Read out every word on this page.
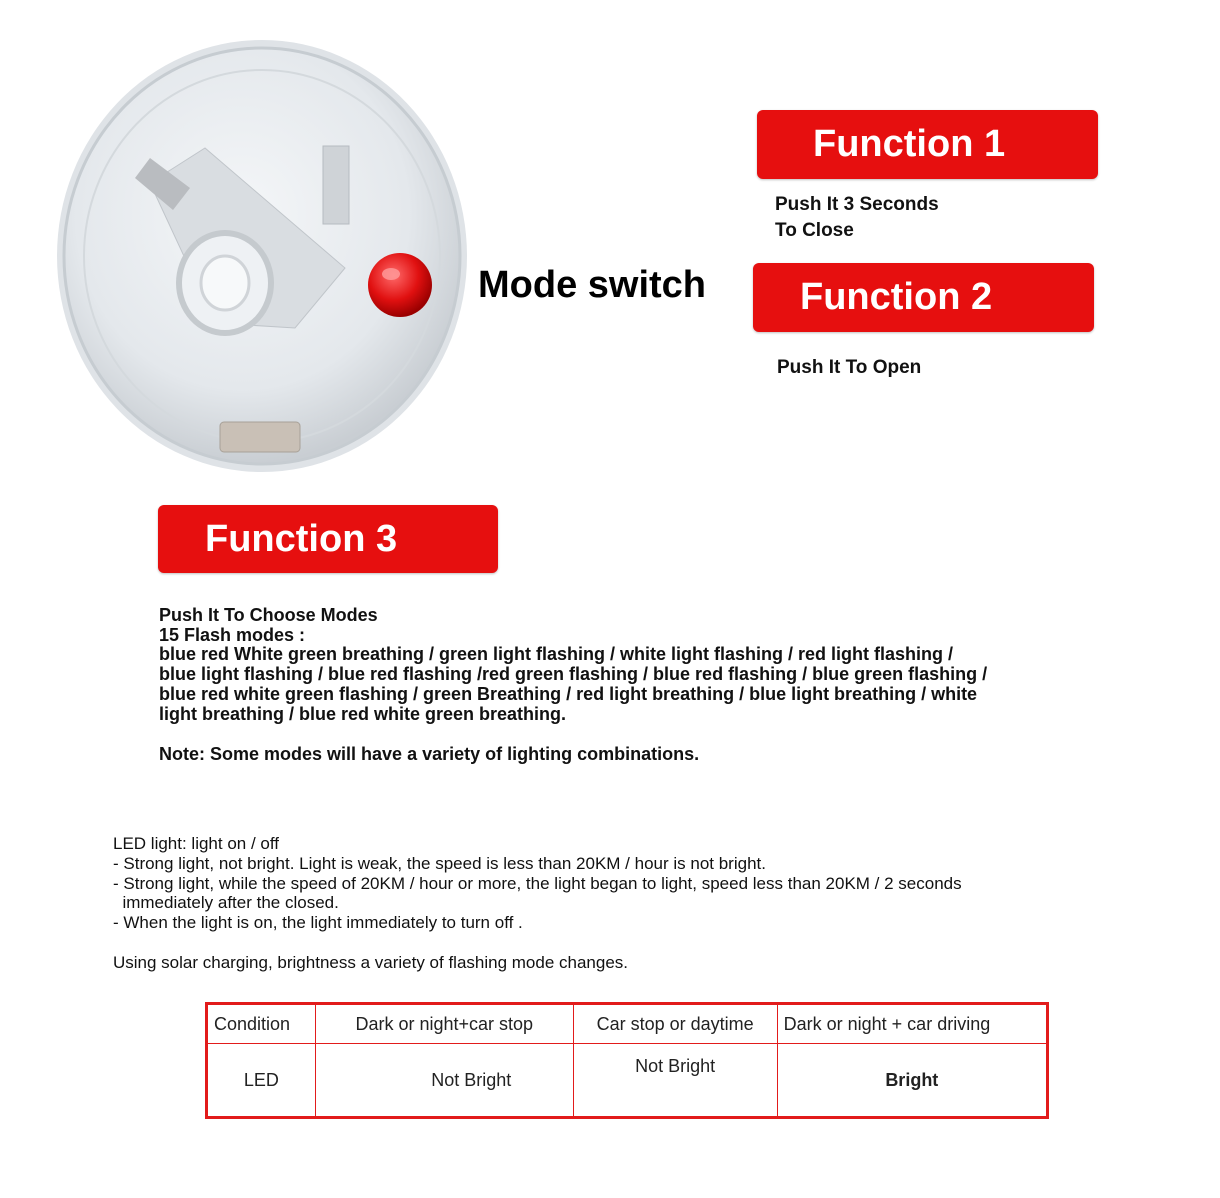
Mode switch
Function 1
Push It 3 Seconds
To Close
Function 2
Push It To Open
Function 3
Push It To Choose Modes
15 Flash modes :
blue red White green breathing / green light flashing / white light flashing / red light flashing /
blue light flashing / blue red flashing /red green flashing / blue red flashing / blue green flashing /
blue red white green flashing / green Breathing / red light breathing / blue light breathing / white
light breathing / blue red white green breathing.
Note: Some modes will have a variety of lighting combinations.
LED light: light on / off
- Strong light, not bright. Light is weak, the speed is less than 20KM / hour is not bright.
- Strong light, while the speed of 20KM / hour or more, the light began to light, speed less than 20KM / 2 seconds
immediately after the closed.
- When the light is on, the light immediately to turn off .
Using solar charging, brightness a variety of flashing mode changes.
Condition	Dark or night+car stop	Car stop or daytime	Dark or night + car driving
LED	Not Bright	Not Bright	Bright
